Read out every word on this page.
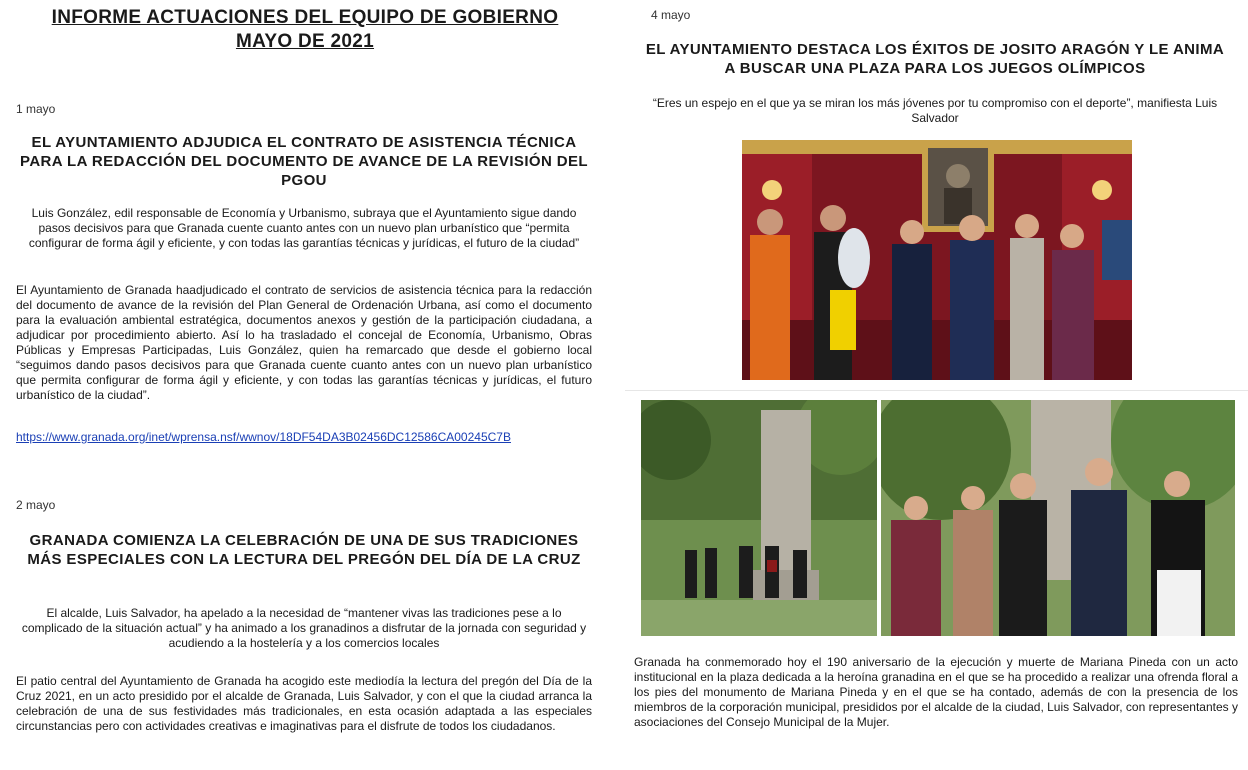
INFORME ACTUACIONES DEL EQUIPO DE GOBIERNO
MAYO DE 2021
1 mayo
EL AYUNTAMIENTO ADJUDICA EL CONTRATO DE ASISTENCIA TÉCNICA PARA LA REDACCIÓN DEL DOCUMENTO DE AVANCE DE LA REVISIÓN DEL PGOU
Luis González, edil responsable de Economía y Urbanismo, subraya que el Ayuntamiento sigue dando pasos decisivos para que Granada cuente cuanto antes con un nuevo plan urbanístico que “permita configurar de forma ágil y eficiente, y con todas las garantías técnicas y jurídicas, el futuro de la ciudad”
El Ayuntamiento de Granada haadjudicado el contrato de servicios de asistencia técnica para la redacción del documento de avance de la revisión del Plan General de Ordenación Urbana, así como el documento para la evaluación ambiental estratégica, documentos anexos y gestión de la participación ciudadana, a adjudicar por procedimiento abierto. Así lo ha trasladado el concejal de Economía, Urbanismo, Obras Públicas y Empresas Participadas, Luis González, quien ha remarcado que desde el gobierno local “seguimos dando pasos decisivos para que Granada cuente cuanto antes con un nuevo plan urbanístico que permita configurar de forma ágil y eficiente, y con todas las garantías técnicas y jurídicas, el futuro urbanístico de la ciudad”.
https://www.granada.org/inet/wprensa.nsf/wwnov/18DF54DA3B02456DC12586CA00245C7B
2 mayo
GRANADA COMIENZA LA CELEBRACIÓN DE UNA DE SUS TRADICIONES MÁS ESPECIALES CON LA LECTURA DEL PREGÓN DEL DÍA DE LA CRUZ
El alcalde, Luis Salvador, ha apelado a la necesidad de “mantener vivas las tradiciones pese a lo complicado de la situación actual” y ha animado a los granadinos a disfrutar de la jornada con seguridad y acudiendo a la hostelería y a los comercios locales
El patio central del Ayuntamiento de Granada ha acogido este mediodía la lectura del pregón del Día de la Cruz 2021, en un acto presidido por el alcalde de Granada, Luis Salvador, y con el que la ciudad arranca la celebración de una de sus festividades más tradicionales, en esta ocasión adaptada a las especiales circunstancias pero con actividades creativas e imaginativas para el disfrute de todos los ciudadanos.
4 mayo
EL AYUNTAMIENTO DESTACA LOS ÉXITOS DE JOSITO ARAGÓN Y LE ANIMA A BUSCAR UNA PLAZA PARA LOS JUEGOS OLÍMPICOS
“Eres un espejo en el que ya se miran los más jóvenes por tu compromiso con el deporte”, manifiesta Luis Salvador
Granada ha conmemorado hoy el 190 aniversario de la ejecución y muerte de Mariana Pineda con un acto institucional en la plaza dedicada a la heroína granadina en el que se ha procedido a realizar una ofrenda floral a los pies del monumento de Mariana Pineda y en el que se ha contado, además de con la presencia de los miembros de la corporación municipal, presididos por el alcalde de la ciudad, Luis Salvador, con representantes y asociaciones del Consejo Municipal de la Mujer.
